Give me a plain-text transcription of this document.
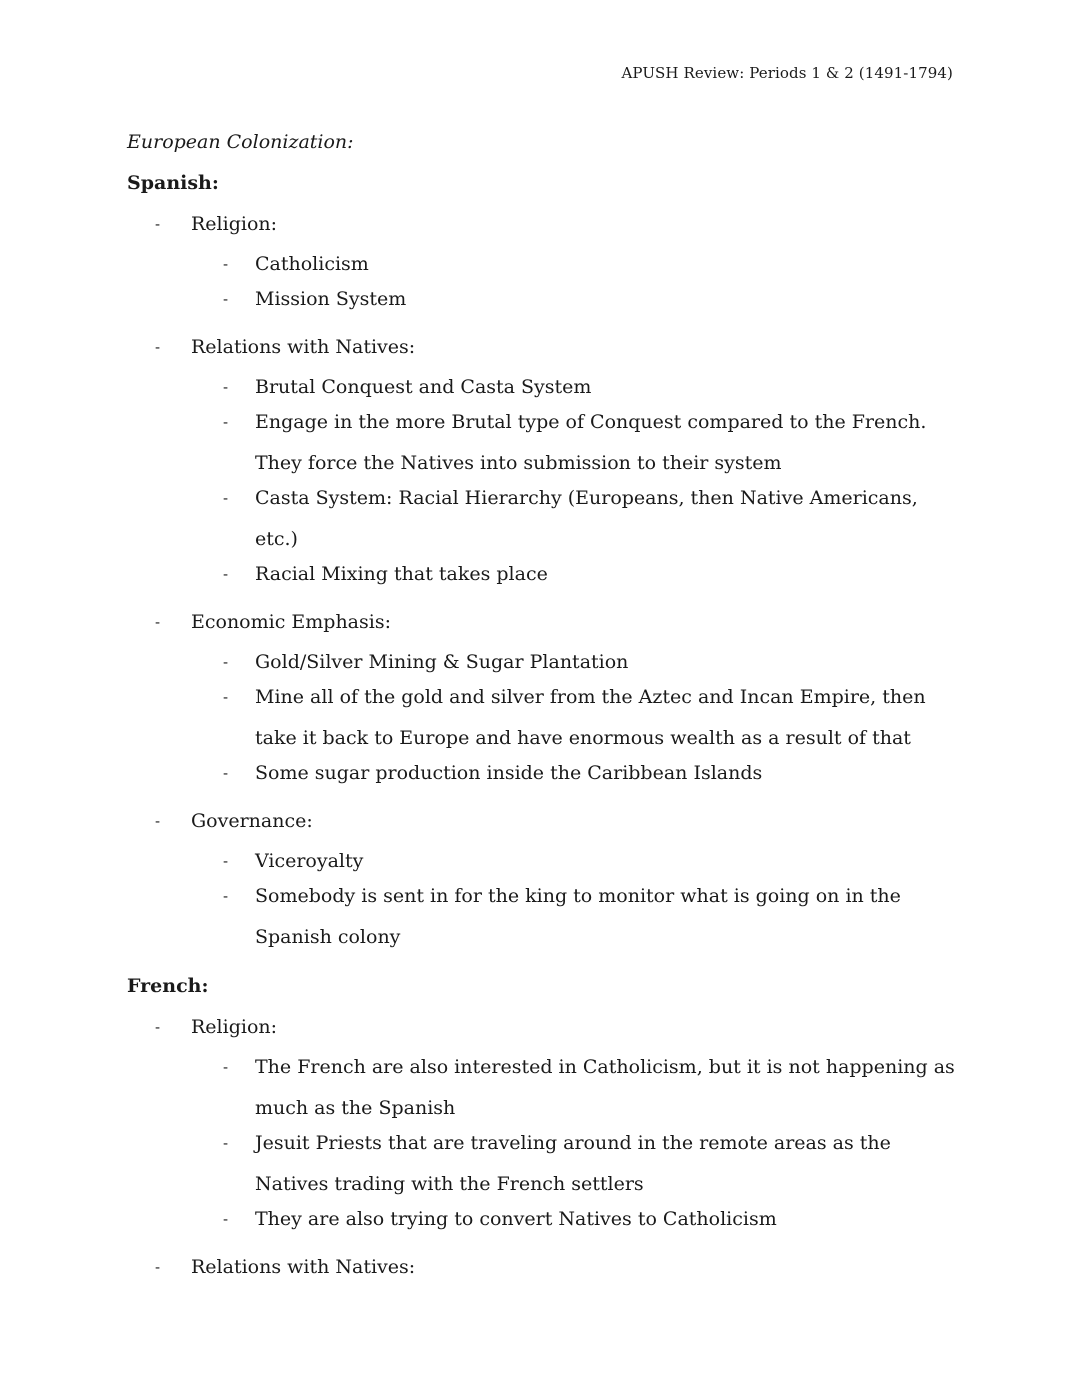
APUSH Review: Periods 1 & 2 (1491-1794)
European Colonization:
Spanish:
- Religion:
- Catholicism
- Mission System
- Relations with Natives:
- Brutal Conquest and Casta System
- Engage in the more Brutal type of Conquest compared to the French. They force the Natives into submission to their system
- Casta System: Racial Hierarchy (Europeans, then Native Americans, etc.)
- Racial Mixing that takes place
- Economic Emphasis:
- Gold/Silver Mining & Sugar Plantation
- Mine all of the gold and silver from the Aztec and Incan Empire, then take it back to Europe and have enormous wealth as a result of that
- Some sugar production inside the Caribbean Islands
- Governance:
- Viceroyalty
- Somebody is sent in for the king to monitor what is going on in the Spanish colony
French:
- Religion:
- The French are also interested in Catholicism, but it is not happening as much as the Spanish
- Jesuit Priests that are traveling around in the remote areas as the Natives trading with the French settlers
- They are also trying to convert Natives to Catholicism
- Relations with Natives:
